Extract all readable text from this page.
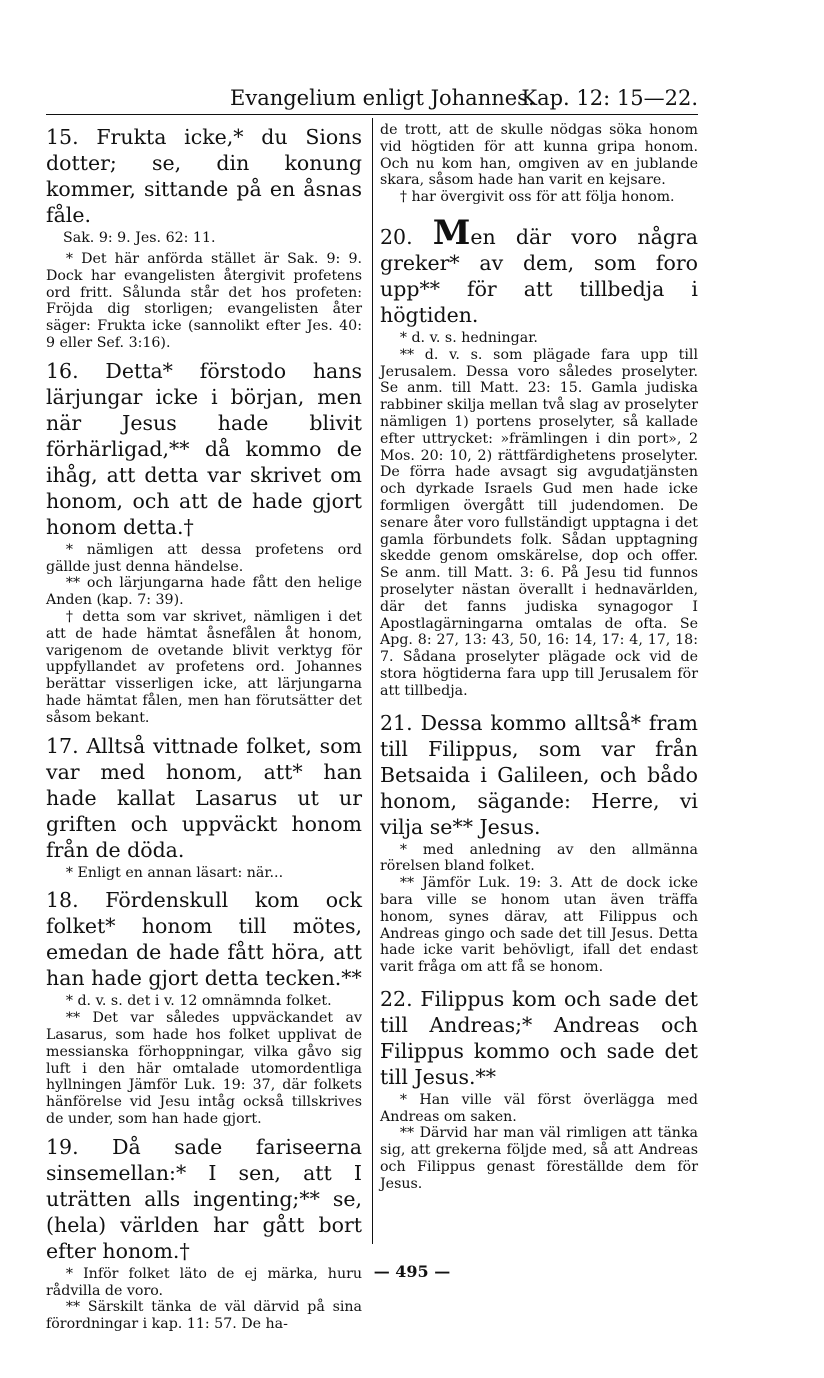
Evangelium enligt Johannes.
Kap. 12: 15—22.

15. Frukta icke,* du Sions dotter; se, din konung kommer, sittande på en åsnas fåle.

Sak. 9: 9. Jes. 62: 11.

* Det här anförda stället är Sak. 9: 9. Dock har evangelisten återgivit profetens ord fritt. Sålunda står det hos profeten: Fröjda dig storligen; evangelisten åter säger: Frukta icke (sannolikt efter Jes. 40: 9 eller Sef. 3:16).

16. Detta* förstodo hans lärjungar icke i början, men när Jesus hade blivit förhärligad,** då kommo de ihåg, att detta var skrivet om honom, och att de hade gjort honom detta.†

* nämligen att dessa profetens ord gällde just denna händelse.

** och lärjungarna hade fått den helige Anden (kap. 7: 39).

† detta som var skrivet, nämligen i det att de hade hämtat åsnefålen åt honom, varigenom de ovetande blivit verktyg för uppfyllandet av profetens ord. Johannes berättar visserligen icke, att lärjungarna hade hämtat fålen, men han förutsätter det såsom bekant.

17. Alltså vittnade folket, som var med honom, att* han hade kallat Lasarus ut ur griften och uppväckt honom från de döda.

* Enligt en annan läsart: när...

18. Fördenskull kom ock folket* honom till mötes, emedan de hade fått höra, att han hade gjort detta tecken.**

* d. v. s. det i v. 12 omnämnda folket.

** Det var således uppväckandet av Lasarus, som hade hos folket upplivat de messianska förhoppningar, vilka gåvo sig luft i den här omtalade utomordentliga hyllningen Jämför Luk. 19: 37, där folkets hänförelse vid Jesu intåg också tillskrives de under, som han hade gjort.

19. Då sade fariseerna sinsemellan:* I sen, att I uträtten alls ingenting;** se, (hela) världen har gått bort efter honom.†

* Inför folket läto de ej märka, huru rådvilla de voro.

** Särskilt tänka de väl därvid på sina förordningar i kap. 11: 57. De ha-

de trott, att de skulle nödgas söka honom vid högtiden för att kunna gripa honom. Och nu kom han, omgiven av en jublande skara, såsom hade han varit en kejsare.

† har övergivit oss för att följa honom.

20. Men där voro några greker* av dem, som foro upp** för att tillbedja i högtiden.

* d. v. s. hedningar.

** d. v. s. som plägade fara upp till Jerusalem. Dessa voro således proselyter. Se anm. till Matt. 23: 15. Gamla judiska rabbiner skilja mellan två slag av proselyter nämligen 1) portens proselyter, så kallade efter uttrycket: »främlingen i din port», 2 Mos. 20: 10, 2) rättfärdighetens proselyter. De förra hade avsagt sig avgudatjänsten och dyrkade Israels Gud men hade icke formligen övergått till judendomen. De senare åter voro fullständigt upptagna i det gamla förbundets folk. Sådan upptagning skedde genom omskärelse, dop och offer. Se anm. till Matt. 3: 6. På Jesu tid funnos proselyter nästan överallt i hednavärlden, där det fanns judiska synagogor I Apostlagärningarna omtalas de ofta. Se Apg. 8: 27, 13: 43, 50, 16: 14, 17: 4, 17, 18: 7. Sådana proselyter plägade ock vid de stora högtiderna fara upp till Jerusalem för att tillbedja.

21. Dessa kommo alltså* fram till Filippus, som var från Betsaida i Galileen, och bådo honom, sägande: Herre, vi vilja se** Jesus.

* med anledning av den allmänna rörelsen bland folket.

** Jämför Luk. 19: 3. Att de dock icke bara ville se honom utan även träffa honom, synes därav, att Filippus och Andreas gingo och sade det till Jesus. Detta hade icke varit behövligt, ifall det endast varit fråga om att få se honom.

22. Filippus kom och sade det till Andreas;* Andreas och Filippus kommo och sade det till Jesus.**

* Han ville väl först överlägga med Andreas om saken.

** Därvid har man väl rimligen att tänka sig, att grekerna följde med, så att Andreas och Filippus genast föreställde dem för Jesus.

— 495 —
